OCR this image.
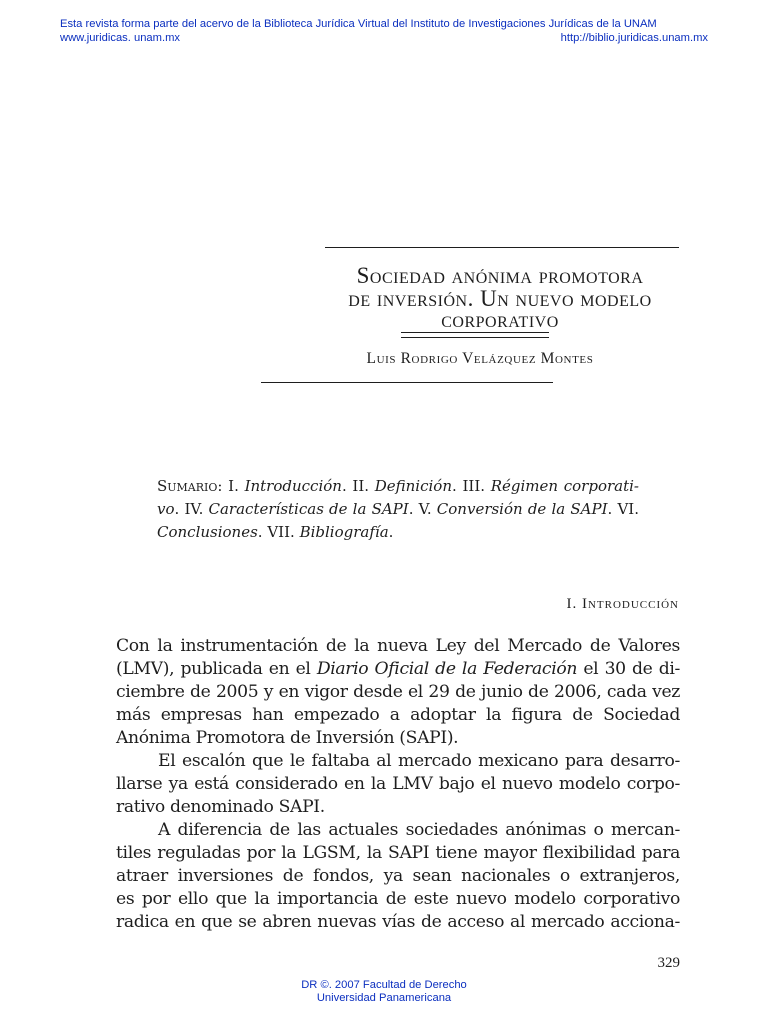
Esta revista forma parte del acervo de la Biblioteca Jurídica Virtual del Instituto de Investigaciones Jurídicas de la UNAM
www.juridicas. unam.mx	http://biblio.juridicas.unam.mx
Sociedad anónima promotora
de inversión. Un nuevo modelo
corporativo
Luis Rodrigo Velázquez Montes
Sumario: I. Introducción. II. Definición. III. Régimen corporati-
vo. IV. Características de la SAPI. V. Conversión de la SAPI. VI.
Conclusiones. VII. Bibliografía.
I. Introducción
Con la instrumentación de la nueva Ley del Mercado de Valores
(LMV), publicada en el Diario Oficial de la Federación el 30 de di-
ciembre de 2005 y en vigor desde el 29 de junio de 2006, cada vez
más empresas han empezado a adoptar la figura de Sociedad
Anónima Promotora de Inversión (SAPI).
El escalón que le faltaba al mercado mexicano para desarro-
llarse ya está considerado en la LMV bajo el nuevo modelo corpo-
rativo denominado SAPI.
A diferencia de las actuales sociedades anónimas o mercan-
tiles reguladas por la LGSM, la SAPI tiene mayor flexibilidad para
atraer inversiones de fondos, ya sean nacionales o extranjeros,
es por ello que la importancia de este nuevo modelo corporativo
radica en que se abren nuevas vías de acceso al mercado acciona-
329
DR ©. 2007 Facultad de Derecho
Universidad Panamericana
